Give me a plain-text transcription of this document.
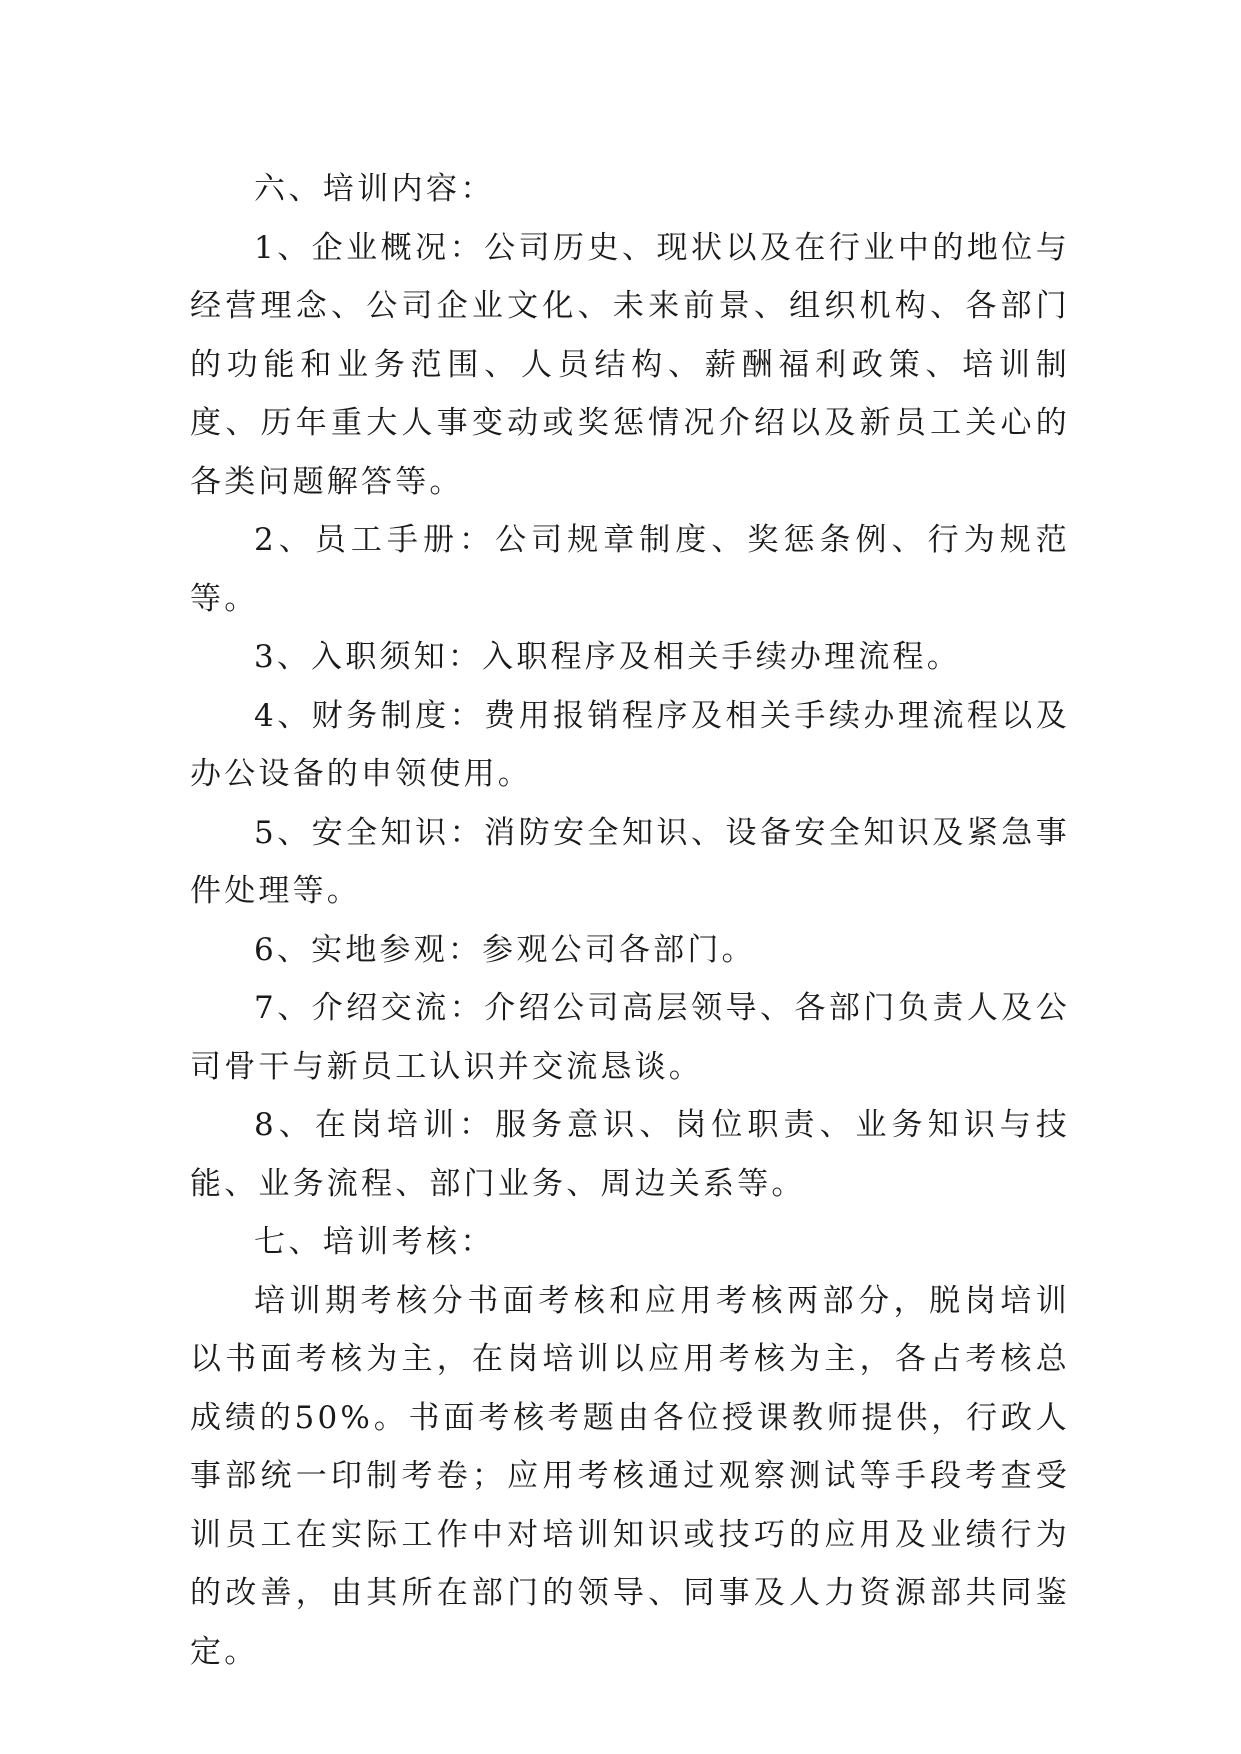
六、培训内容：

1、企业概况：公司历史、现状以及在行业中的地位与经营理念、公司企业文化、未来前景、组织机构、各部门的功能和业务范围、人员结构、薪酬福利政策、培训制度、历年重大人事变动或奖惩情况介绍以及新员工关心的各类问题解答等。

2、员工手册：公司规章制度、奖惩条例、行为规范等。

3、入职须知：入职程序及相关手续办理流程。

4、财务制度：费用报销程序及相关手续办理流程以及办公设备的申领使用。

5、安全知识：消防安全知识、设备安全知识及紧急事件处理等。

6、实地参观：参观公司各部门。

7、介绍交流：介绍公司高层领导、各部门负责人及公司骨干与新员工认识并交流恳谈。

8、在岗培训：服务意识、岗位职责、业务知识与技能、业务流程、部门业务、周边关系等。

七、培训考核：

培训期考核分书面考核和应用考核两部分，脱岗培训以书面考核为主，在岗培训以应用考核为主，各占考核总成绩的50%。书面考核考题由各位授课教师提供，行政人事部统一印制考卷；应用考核通过观察测试等手段考查受训员工在实际工作中对培训知识或技巧的应用及业绩行为的改善，由其所在部门的领导、同事及人力资源部共同鉴定。
